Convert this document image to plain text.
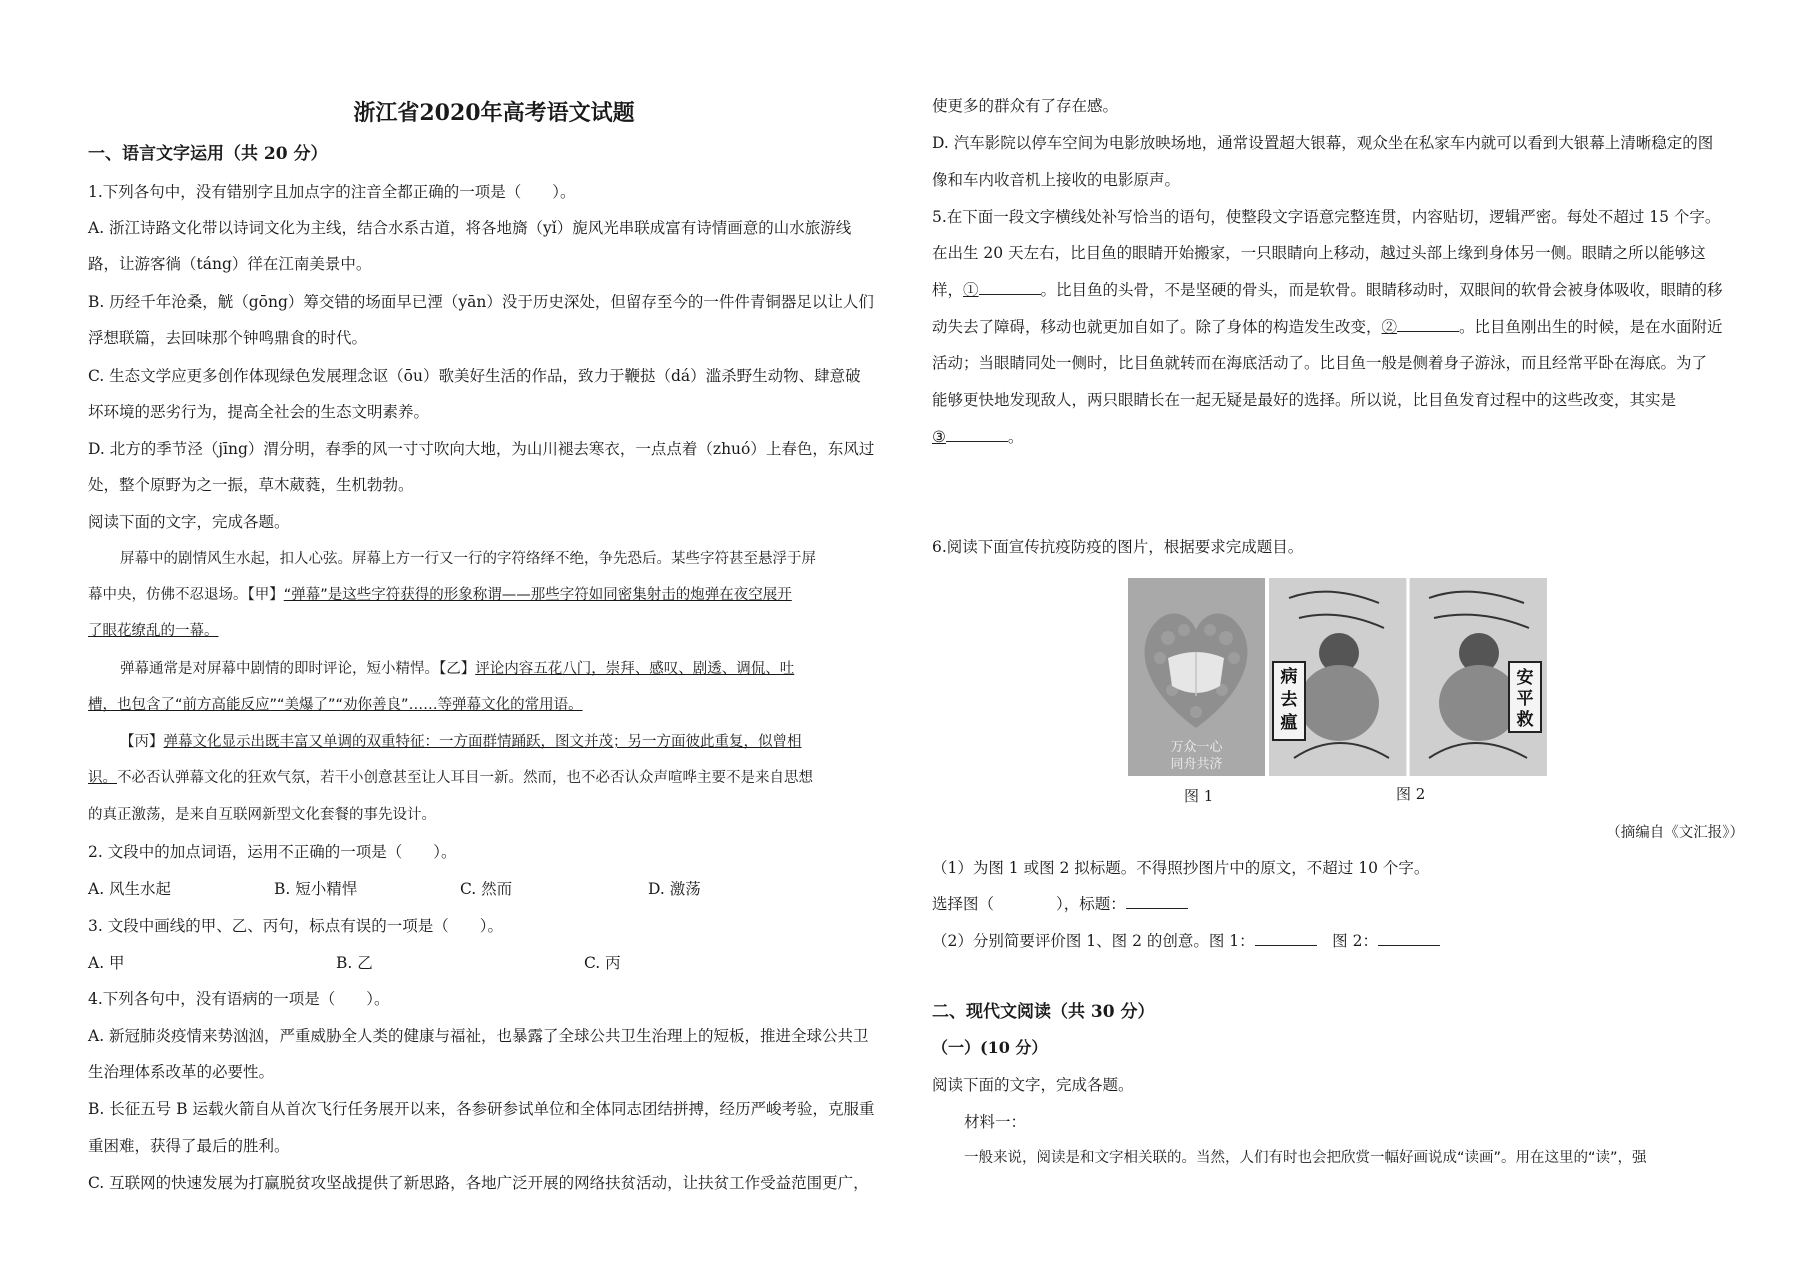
浙江省2020年高考语文试题
一、语言文字运用（共 20 分）
1.下列各句中，没有错别字且加点字的注音全都正确的一项是（　　）。
A. 浙江诗路文化带以诗词文化为主线，结合水系古道，将各地旖（yǐ）旎风光串联成富有诗情画意的山水旅游线
路，让游客徜（táng）徉在江南美景中。
B. 历经千年沧桑，觥（gōng）筹交错的场面早已湮（yān）没于历史深处，但留存至今的一件件青铜器足以让人们
浮想联篇，去回味那个钟鸣鼎食的时代。
C. 生态文学应更多创作体现绿色发展理念讴（ōu）歌美好生活的作品，致力于鞭挞（dá）滥杀野生动物、肆意破
坏环境的恶劣行为，提高全社会的生态文明素养。
D. 北方的季节泾（jīng）渭分明，春季的风一寸寸吹向大地，为山川褪去寒衣，一点点着（zhuó）上春色，东风过
处，整个原野为之一振，草木葳蕤，生机勃勃。
阅读下面的文字，完成各题。
屏幕中的剧情风生水起，扣人心弦。屏幕上方一行又一行的字符络绎不绝，争先恐后。某些字符甚至悬浮于屏
幕中央，仿佛不忍退场。【甲】“弹幕”是这些字符获得的形象称谓——那些字符如同密集射击的炮弹在夜空展开
了眼花缭乱的一幕。
弹幕通常是对屏幕中剧情的即时评论，短小精悍。【乙】评论内容五花八门，崇拜、感叹、剧透、调侃、吐
槽，也包含了“前方高能反应”“美爆了”“劝你善良”……等弹幕文化的常用语。
【丙】弹幕文化显示出既丰富又单调的双重特征：一方面群情踊跃，图文并茂；另一方面彼此重复，似曾相
识。不必否认弹幕文化的狂欢气氛，若干小创意甚至让人耳目一新。然而，也不必否认众声喧哗主要不是来自思想
的真正激荡，是来自互联网新型文化套餐的事先设计。
2. 文段中的加点词语，运用不正确的一项是（　　）。
A. 风生水起	B. 短小精悍	C. 然而	D. 激荡
3. 文段中画线的甲、乙、丙句，标点有误的一项是（　　）。
A. 甲	B. 乙	C. 丙
4.下列各句中，没有语病的一项是（　　）。
A. 新冠肺炎疫情来势汹汹，严重威胁全人类的健康与福祉，也暴露了全球公共卫生治理上的短板，推进全球公共卫
生治理体系改革的必要性。
B. 长征五号 B 运载火箭自从首次飞行任务展开以来，各参研参试单位和全体同志团结拼搏，经历严峻考验，克服重
重困难，获得了最后的胜利。
C. 互联网的快速发展为打赢脱贫攻坚战提供了新思路，各地广泛开展的网络扶贫活动，让扶贫工作受益范围更广，
使更多的群众有了存在感。
D. 汽车影院以停车空间为电影放映场地，通常设置超大银幕，观众坐在私家车内就可以看到大银幕上清晰稳定的图
像和车内收音机上接收的电影原声。
5.在下面一段文字横线处补写恰当的语句，使整段文字语意完整连贯，内容贴切，逻辑严密。每处不超过 15 个字。
在出生 20 天左右，比目鱼的眼睛开始搬家，一只眼睛向上移动，越过头部上缘到身体另一侧。眼睛之所以能够这
样，①	。比目鱼的头骨，不是坚硬的骨头，而是软骨。眼睛移动时，双眼间的软骨会被身体吸收，眼睛的移
动失去了障碍，移动也就更加自如了。除了身体的构造发生改变，②	。比目鱼刚出生的时候，是在水面附近
活动；当眼睛同处一侧时，比目鱼就转而在海底活动了。比目鱼一般是侧着身子游泳，而且经常平卧在海底。为了
能够更快地发现敌人，两只眼睛长在一起无疑是最好的选择。所以说，比目鱼发育过程中的这些改变，其实是
③	。
6.阅读下面宣传抗疫防疫的图片，根据要求完成题目。
万众一心
同舟共济
病去瘟
安平救
图 1	图 2
（摘编自《文汇报》）
（1）为图 1 或图 2 拟标题。不得照抄图片中的原文，不超过 10 个字。
选择图（　　　　），标题：
（2）分别简要评价图 1、图 2 的创意。图 1：	　图 2：
二、现代文阅读（共 30 分）
（一）(10 分）
阅读下面的文字，完成各题。
材料一：
一般来说，阅读是和文字相关联的。当然，人们有时也会把欣赏一幅好画说成“读画”。用在这里的“读”，强
